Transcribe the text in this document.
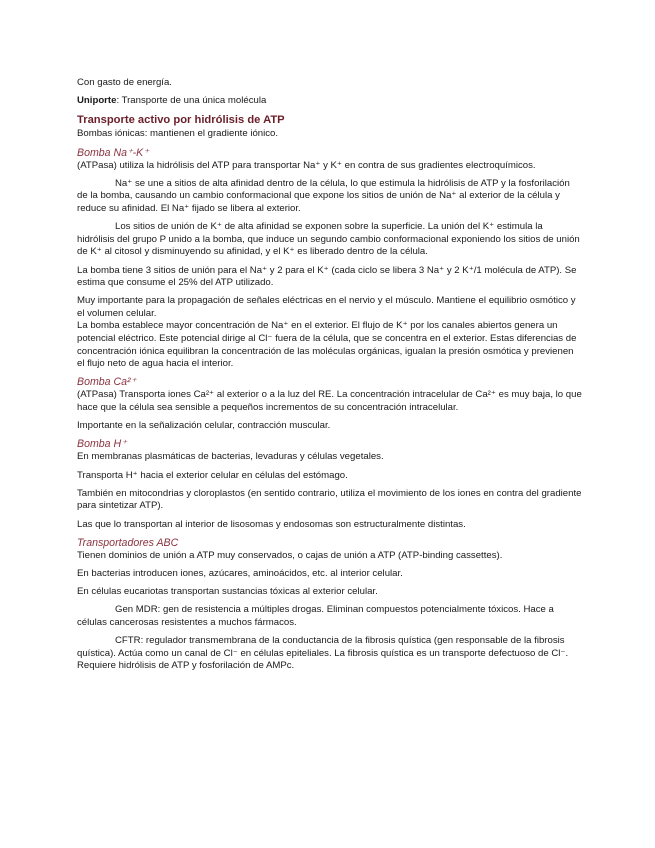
Con gasto de energía.

Uniporte: Transporte de una única molécula

Transporte activo por hidrólisis de ATP

Bombas iónicas: mantienen el gradiente iónico.

Bomba Na⁺-K⁺

(ATPasa) utiliza la hidrólisis del ATP para transportar Na⁺ y K⁺ en contra de sus gradientes electroquímicos.

Na⁺ se une a sitios de alta afinidad dentro de la célula, lo que estimula la hidrólisis de ATP y la fosforilación de la bomba, causando un cambio conformacional que expone los sitios de unión de Na⁺ al exterior de la célula y reduce su afinidad. El Na⁺ fijado se libera al exterior.

Los sitios de unión de K⁺ de alta afinidad se exponen sobre la superficie. La unión del K⁺ estimula la hidrólisis del grupo P unido a la bomba, que induce un segundo cambio conformacional exponiendo los sitios de unión de K⁺ al citosol y disminuyendo su afinidad, y el K⁺ es liberado dentro de la célula.

La bomba tiene 3 sitios de unión para el Na⁺ y 2 para el K⁺ (cada ciclo se libera 3 Na⁺ y 2 K⁺/1 molécula de ATP). Se estima que consume el 25% del ATP utilizado.

Muy importante para la propagación de señales eléctricas en el nervio y el músculo. Mantiene el equilibrio osmótico y el volumen celular.

La bomba establece mayor concentración de Na⁺ en el exterior. El flujo de K⁺ por los canales abiertos genera un potencial eléctrico. Este potencial dirige al Cl⁻ fuera de la célula, que se concentra en el exterior. Estas diferencias de concentración iónica equilibran la concentración de las moléculas orgánicas, igualan la presión osmótica y previenen el flujo neto de agua hacia el interior.

Bomba Ca²⁺

(ATPasa) Transporta iones Ca²⁺ al exterior o a la luz del RE. La concentración intracelular de Ca²⁺ es muy baja, lo que hace que la célula sea sensible a pequeños incrementos de su concentración intracelular.

Importante en la señalización celular, contracción muscular.

Bomba H⁺

En membranas plasmáticas de bacterias, levaduras y células vegetales.

Transporta H⁺ hacia el exterior celular en células del estómago.

También en mitocondrias y cloroplastos (en sentido contrario, utiliza el movimiento de los iones en contra del gradiente para sintetizar ATP).

Las que lo transportan al interior de lisosomas y endosomas son estructuralmente distintas.

Transportadores ABC

Tienen dominios de unión a ATP muy conservados, o cajas de unión a ATP (ATP-binding cassettes).

En bacterias introducen iones, azúcares, aminoácidos, etc. al interior celular.

En células eucariotas transportan sustancias tóxicas al exterior celular.

Gen MDR: gen de resistencia a múltiples drogas. Eliminan compuestos potencialmente tóxicos. Hace a células cancerosas resistentes a muchos fármacos.

CFTR: regulador transmembrana de la conductancia de la fibrosis quística (gen responsable de la fibrosis quística). Actúa como un canal de Cl⁻ en células epiteliales. La fibrosis quística es un transporte defectuoso de Cl⁻. Requiere hidrólisis de ATP y fosforilación de AMPc.
